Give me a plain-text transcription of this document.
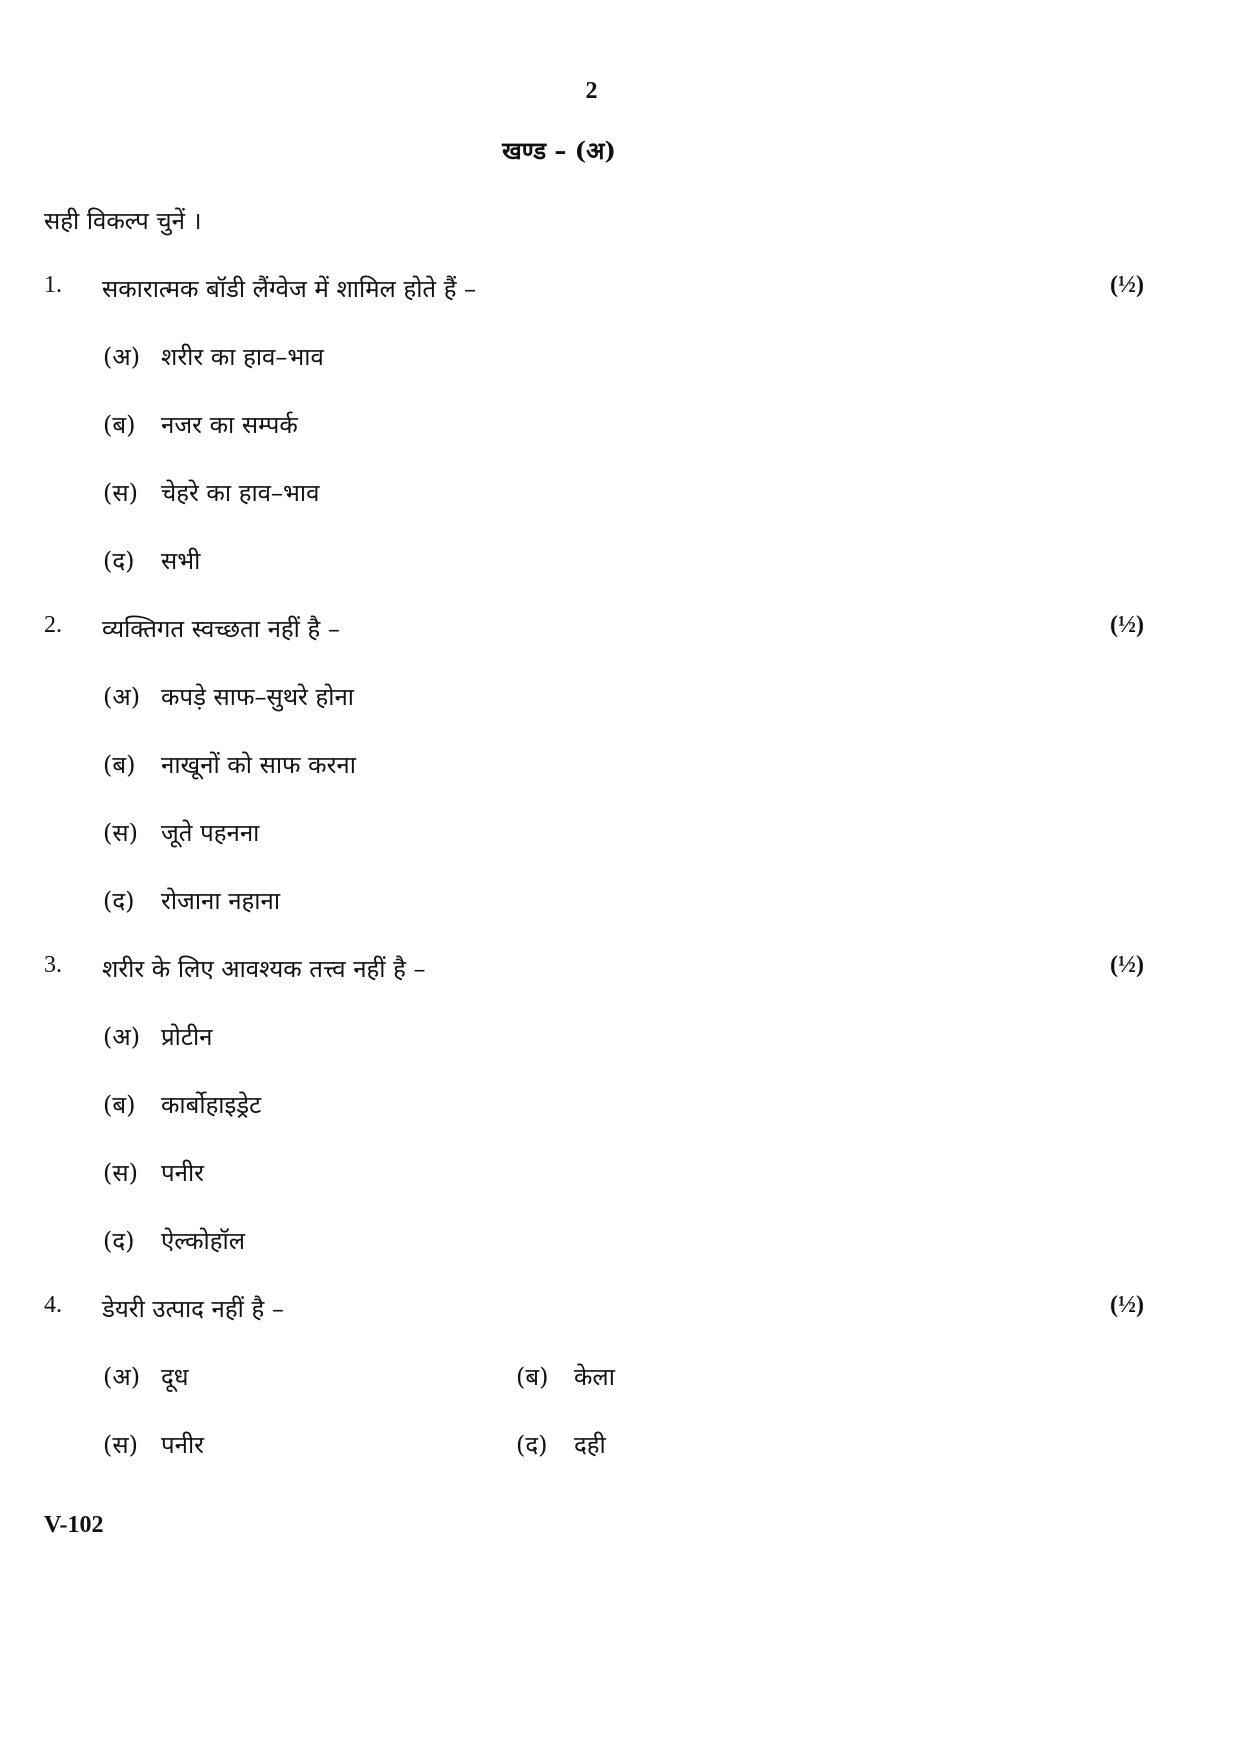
2
खण्ड – (अ)
सही विकल्प चुनें ।
1. सकारात्मक बॉडी लैंग्वेज में शामिल होते हैं –	(½)
(अ) शरीर का हाव–भाव
(ब) नजर का सम्पर्क
(स) चेहरे का हाव–भाव
(द) सभी
2. व्यक्तिगत स्वच्छता नहीं है –	(½)
(अ) कपड़े साफ–सुथरे होना
(ब) नाखूनों को साफ करना
(स) जूते पहनना
(द) रोजाना नहाना
3. शरीर के लिए आवश्यक तत्त्व नहीं है –	(½)
(अ) प्रोटीन
(ब) कार्बोहाइड्रेट
(स) पनीर
(द) ऐल्कोहॉल
4. डेयरी उत्पाद नहीं है –	(½)
(अ) दूध	(ब) केला
(स) पनीर	(द) दही
V-102
